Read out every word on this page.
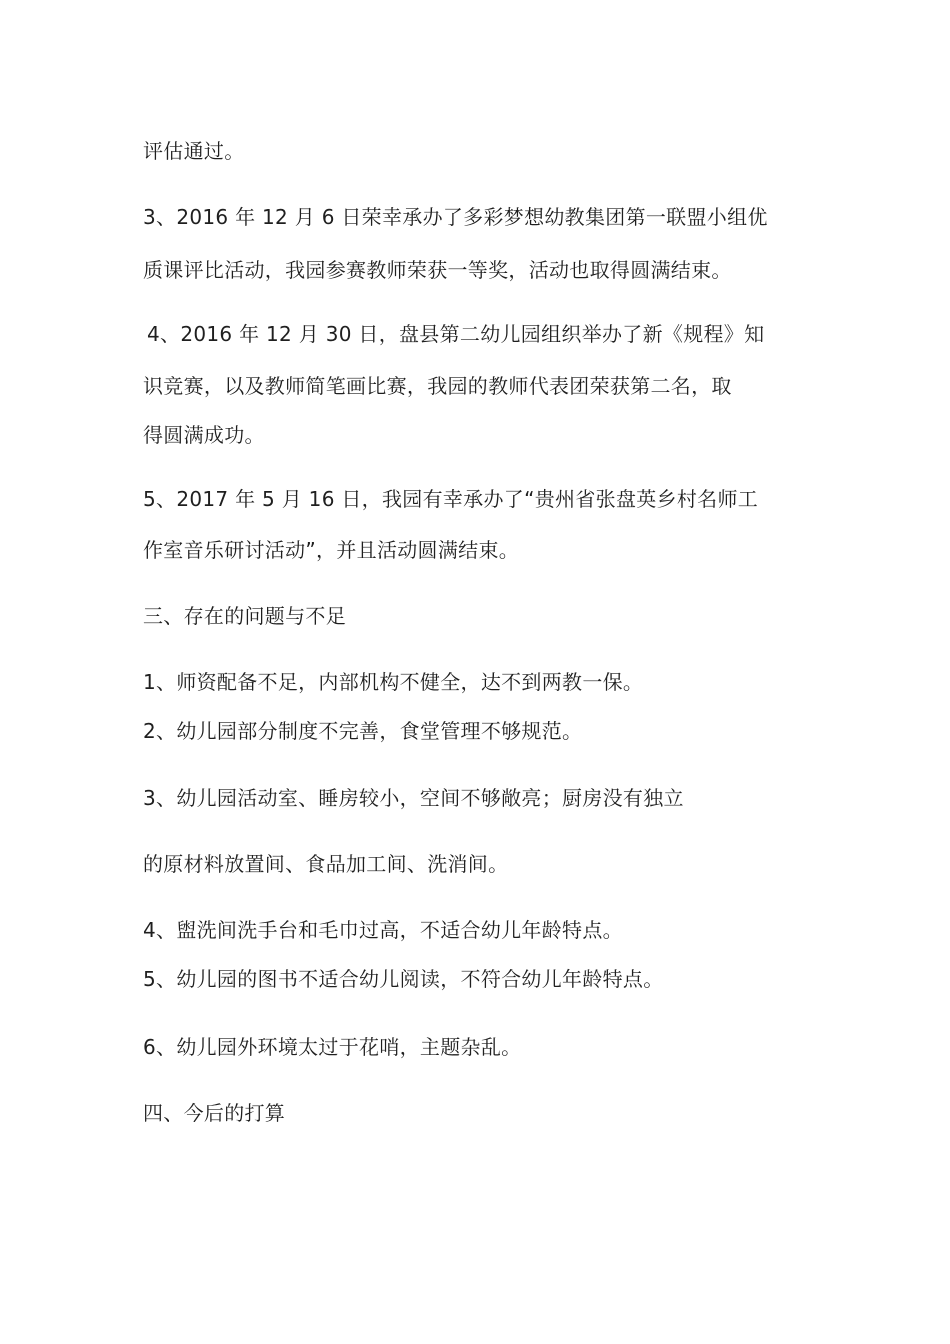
评估通过。
3、2016 年 12 月 6 日荣幸承办了多彩梦想幼教集团第一联盟小组优
质课评比活动，我园参赛教师荣获一等奖，活动也取得圆满结束。
4、2016 年 12 月 30 日，盘县第二幼儿园组织举办了新《规程》知
识竞赛，以及教师简笔画比赛，我园的教师代表团荣获第二名，取
得圆满成功。
5、2017 年 5 月 16 日，我园有幸承办了“贵州省张盘英乡村名师工
作室音乐研讨活动”，并且活动圆满结束。
三、存在的问题与不足
1、师资配备不足，内部机构不健全，达不到两教一保。
2、幼儿园部分制度不完善，食堂管理不够规范。
3、幼儿园活动室、睡房较小，空间不够敞亮；厨房没有独立
的原材料放置间、食品加工间、洗消间。
4、盥洗间洗手台和毛巾过高，不适合幼儿年龄特点。
5、幼儿园的图书不适合幼儿阅读，不符合幼儿年龄特点。
6、幼儿园外环境太过于花哨，主题杂乱。
四、今后的打算
